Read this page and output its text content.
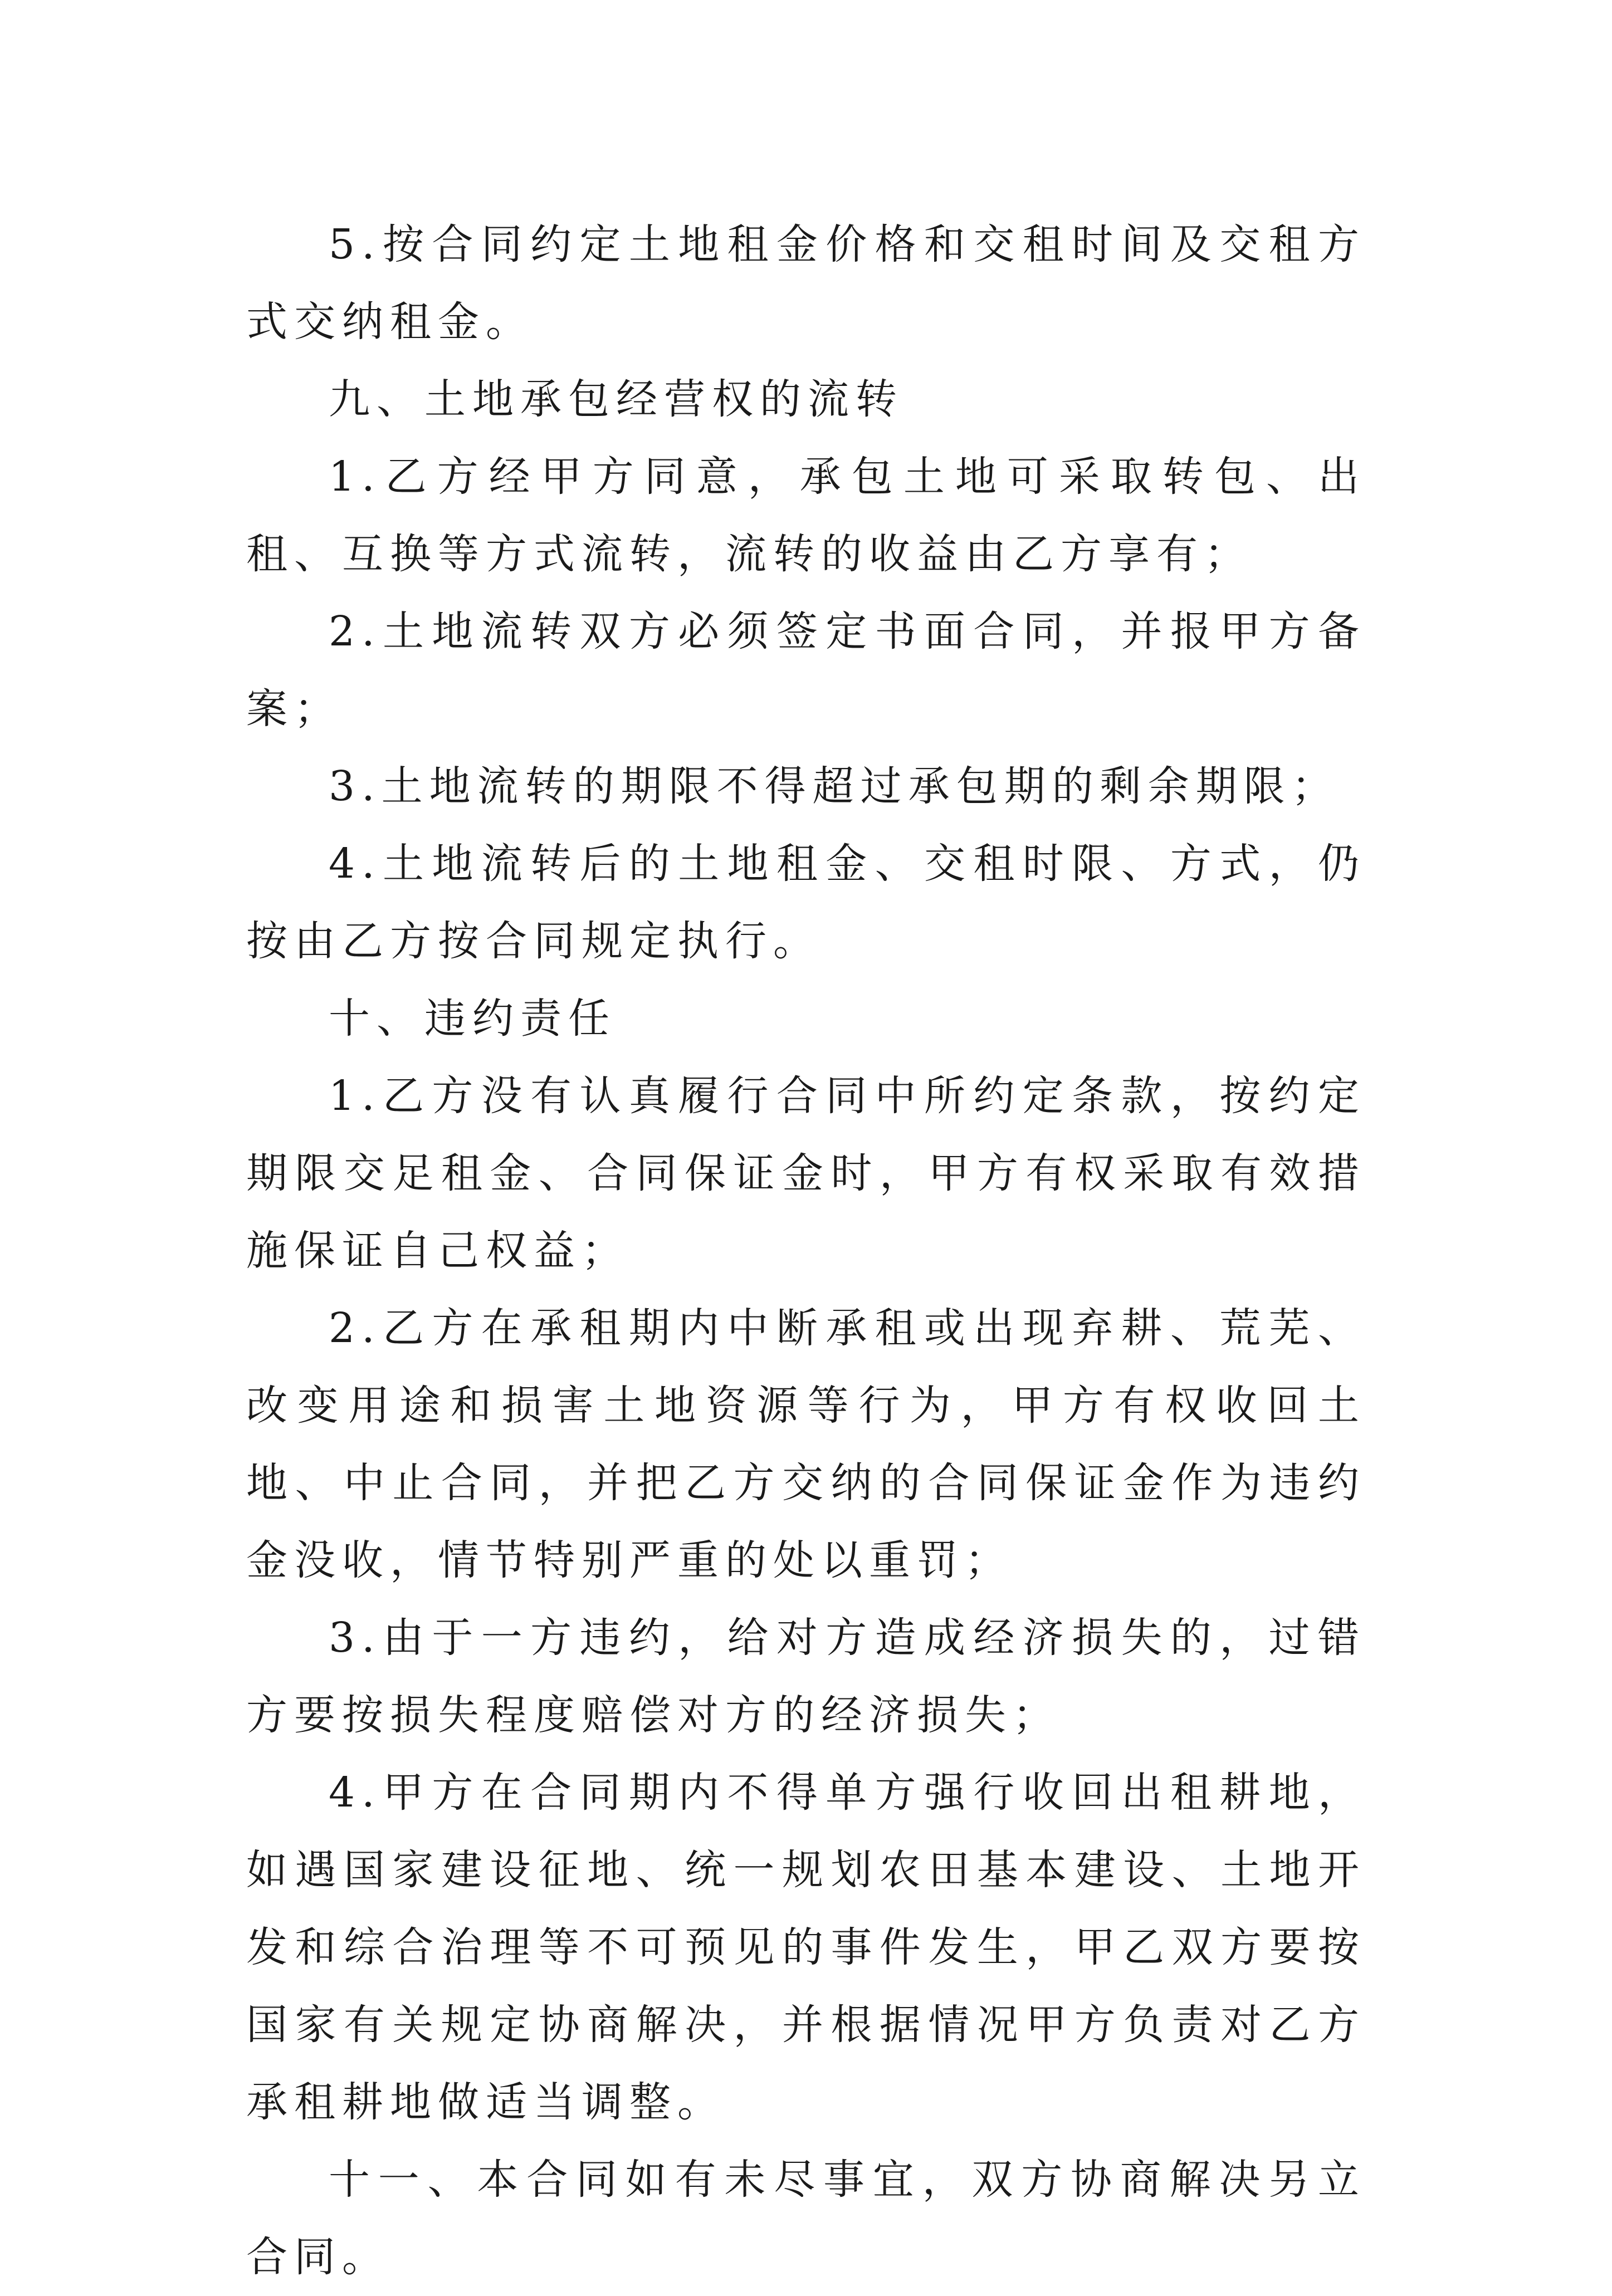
5.按合同约定土地租金价格和交租时间及交租方式交纳租金。

九、土地承包经营权的流转

1.乙方经甲方同意，承包土地可采取转包、出租、互换等方式流转，流转的收益由乙方享有；

2.土地流转双方必须签定书面合同，并报甲方备案；

3.土地流转的期限不得超过承包期的剩余期限；

4.土地流转后的土地租金、交租时限、方式，仍按由乙方按合同规定执行。

十、违约责任

1.乙方没有认真履行合同中所约定条款，按约定期限交足租金、合同保证金时，甲方有权采取有效措施保证自己权益；

2.乙方在承租期内中断承租或出现弃耕、荒芜、改变用途和损害土地资源等行为，甲方有权收回土地、中止合同，并把乙方交纳的合同保证金作为违约金没收，情节特别严重的处以重罚；

3.由于一方违约，给对方造成经济损失的，过错方要按损失程度赔偿对方的经济损失；

4.甲方在合同期内不得单方强行收回出租耕地，如遇国家建设征地、统一规划农田基本建设、土地开发和综合治理等不可预见的事件发生，甲乙双方要按国家有关规定协商解决，并根据情况甲方负责对乙方承租耕地做适当调整。

十一、本合同如有未尽事宜，双方协商解决另立合同。
